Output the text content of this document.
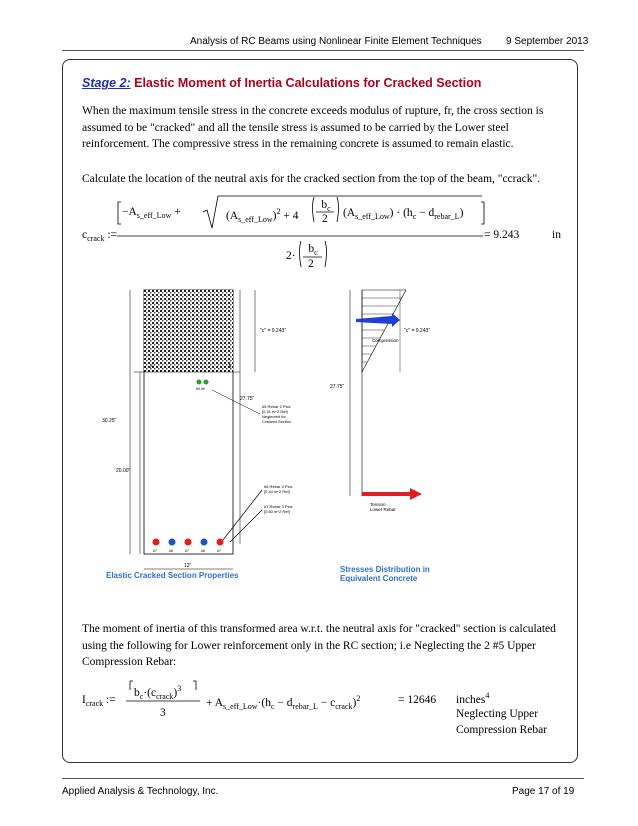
Analysis of RC Beams using Nonlinear Finite Element Techniques 9 September 2013
Stage 2: Elastic Moment of Inertia Calculations for Cracked Section
When the maximum tensile stress in the concrete exceeds modulus of rupture, fr, the cross section is assumed to be "cracked" and all the tensile stress is assumed to be carried by the Lower steel reinforcement. The compressive stress in the remaining concrete is assumed to remain elastic.
Calculate the location of the neutral axis for the cracked section from the top of the beam, "ccrack".
$c_{crack}$ :=
$-A_{s\_eff\_Low}$ +	$(A_{s\_eff\_Low})^2 + 4$
$b_c$
2 $(A_{s\_eff\_Low}) \cdot (h_c - d_{rebar\_L})$
2·
$b_c$
2
= 9.243	in
N	A
"c" = 9.243"
#5 #5
30.25"
20.00"
27.75"
27.75"
#5 Rebar 2 Pics [0.31 in^2 Ref] Neglected for Cracked Section
#6 Rebar 2 Pics [0.44 in^2 Ref]
#7 Rebar 3 Pics [0.60 in^2 Ref]
#7	#6	#7	#6	#7
12"
Elastic Cracked Section Properties
Compression
"c" = 9.243"
Tension
Lower Rebar
Stresses Distribution in
Equivalent Concrete
The moment of inertia of this transformed area w.r.t. the neutral axis for "cracked" section is calculated using the following for Lower reinforcement only in the RC section; i.e Neglecting the 2 #5 Upper Compression Rebar:
$I_{crack}$ :=
$b_c\cdot(c_{crack})^3$
3
+ $A_{s\_eff\_Low}\cdot(h_c - d_{rebar\_L} - c_{crack})^2$	= 12646 inches$^4$
Neglecting Upper
Compression Rebar
Applied Analysis & Technology, Inc.	Page 17 of 19
